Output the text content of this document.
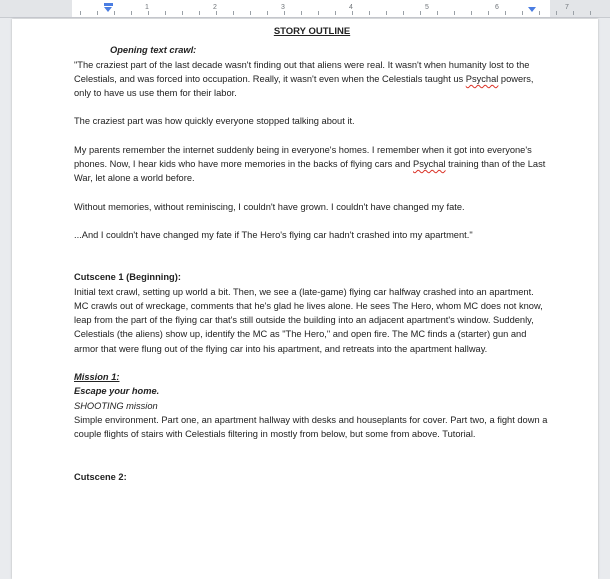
1	2	3	4	5	6	7

STORY OUTLINE

Opening text crawl:

"The craziest part of the last decade wasn't finding out that aliens were real. It wasn't when humanity lost to the Celestials, and was forced into occupation. Really, it wasn't even when the Celestials taught us Psychal powers, only to have us use them for their labor.

The craziest part was how quickly everyone stopped talking about it.

My parents remember the internet suddenly being in everyone's homes. I remember when it got into everyone's phones. Now, I hear kids who have more memories in the backs of flying cars and Psychal training than of the Last War, let alone a world before.

Without memories, without reminiscing, I couldn't have grown. I couldn't have changed my fate.

...And I couldn't have changed my fate if The Hero's flying car hadn't crashed into my apartment."

Cutscene 1 (Beginning):

Initial text crawl, setting up world a bit. Then, we see a (late-game) flying car halfway crashed into an apartment. MC crawls out of wreckage, comments that he's glad he lives alone. He sees The Hero, whom MC does not know, leap from the part of the flying car that's still outside the building into an adjacent apartment's window. Suddenly, Celestials (the aliens) show up, identify the MC as "The Hero," and open fire. The MC finds a (starter) gun and armor that were flung out of the flying car into his apartment, and retreats into the apartment hallway.

Mission 1:

Escape your home.

SHOOTING mission

Simple environment. Part one, an apartment hallway with desks and houseplants for cover. Part two, a fight down a couple flights of stairs with Celestials filtering in mostly from below, but some from above. Tutorial.

Cutscene 2:
